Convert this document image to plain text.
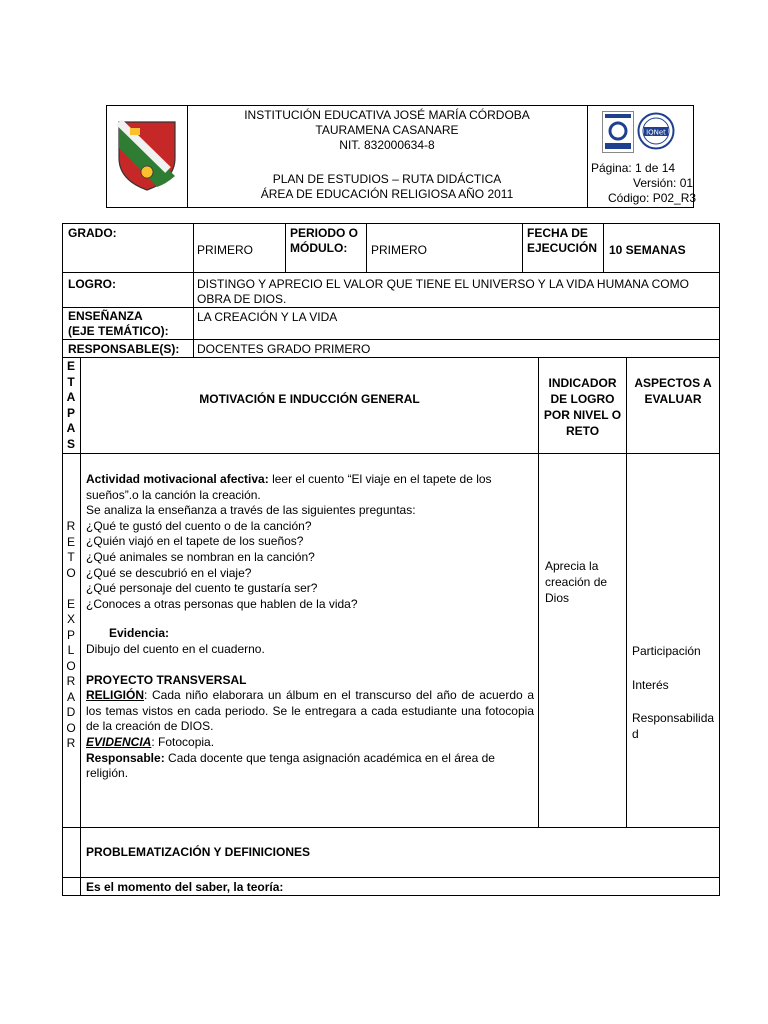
INSTITUCIÓN EDUCATIVA JOSÉ MARÍA CÓRDOBA
TAURAMENA CASANARE
NIT. 832000634-8
PLAN DE ESTUDIOS – RUTA DIDÁCTICA
ÁREA DE EDUCACIÓN RELIGIOSA AÑO 2011
IQNet
Página: 1 de 14
Versión: 01
Código: P02_R3
GRADO:
PRIMERO
PERIODO O MÓDULO:	PRIMERO
FECHA DE EJECUCIÓN 10 SEMANAS
LOGRO:	DISTINGO Y APRECIO EL VALOR QUE TIENE EL UNIVERSO Y LA VIDA HUMANA COMO OBRA DE DIOS.
ENSEÑANZA
(EJE TEMÁTICO):
LA CREACIÓN Y LA VIDA
RESPONSABLE(S): DOCENTES GRADO PRIMERO
E
T
A
P
A
S
MOTIVACIÓN E INDUCCIÓN GENERAL
INDICADOR DE LOGRO POR NIVEL O RETO
ASPECTOS A EVALUAR
R
E
T
O
E
X
P
L
O
R
A
D
O
R
Actividad motivacional afectiva: leer el cuento “El viaje en el tapete de los sueños”.o la canción la creación.
Se analiza la enseñanza a través de las siguientes preguntas:
¿Qué te gustó del cuento o de la canción?
¿Quién viajó en el tapete de los sueños?
¿Qué animales se nombran en la canción?
¿Qué se descubrió en el viaje?
¿Qué personaje del cuento te gustaría ser?
¿Conoces a otras personas que hablen de la vida?
Evidencia:
Dibujo del cuento en el cuaderno.
PROYECTO TRANSVERSAL
RELIGIÓN: Cada niño elaborara un álbum en el transcurso del año de acuerdo a los temas vistos en cada periodo. Se le entregara a cada estudiante una fotocopia de la creación de DIOS.
EVIDENCIA: Fotocopia.
Responsable: Cada docente que tenga asignación académica en el área de religión.
Aprecia la creación de Dios
Participación
Interés
Responsabilida d
PROBLEMATIZACIÓN Y DEFINICIONES
Es el momento del saber, la teoría:
